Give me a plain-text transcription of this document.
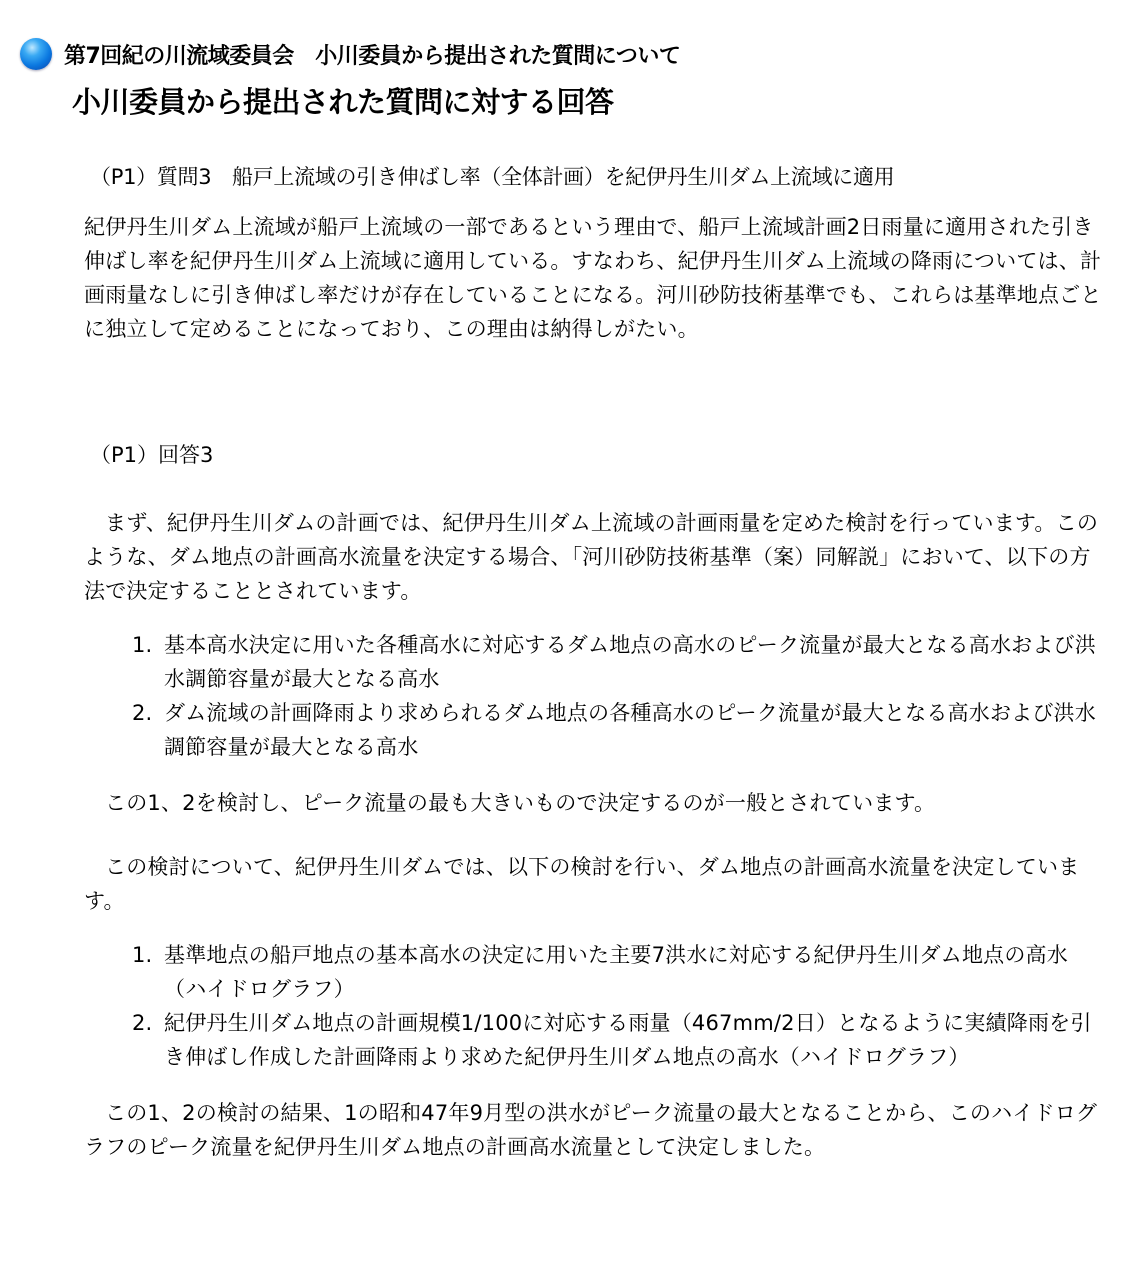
第7回紀の川流域委員会　小川委員から提出された質問について
小川委員から提出された質問に対する回答

（P1）質問3　船戸上流域の引き伸ばし率（全体計画）を紀伊丹生川ダム上流域に適用

紀伊丹生川ダム上流域が船戸上流域の一部であるという理由で、船戸上流域計画2日雨量に適用された引き伸ばし率を紀伊丹生川ダム上流域に適用している。すなわち、紀伊丹生川ダム上流域の降雨については、計画雨量なしに引き伸ばし率だけが存在していることになる。河川砂防技術基準でも、これらは基準地点ごとに独立して定めることになっており、この理由は納得しがたい。

（P1）回答3

まず、紀伊丹生川ダムの計画では、紀伊丹生川ダム上流域の計画雨量を定めた検討を行っています。このような、ダム地点の計画高水流量を決定する場合、「河川砂防技術基準（案）同解説」において、以下の方法で決定することとされています。

1. 基本高水決定に用いた各種高水に対応するダム地点の高水のピーク流量が最大となる高水および洪水調節容量が最大となる高水
2. ダム流域の計画降雨より求められるダム地点の各種高水のピーク流量が最大となる高水および洪水調節容量が最大となる高水

この1、2を検討し、ピーク流量の最も大きいもので決定するのが一般とされています。

この検討について、紀伊丹生川ダムでは、以下の検討を行い、ダム地点の計画高水流量を決定しています。

1. 基準地点の船戸地点の基本高水の決定に用いた主要7洪水に対応する紀伊丹生川ダム地点の高水（ハイドログラフ）
2. 紀伊丹生川ダム地点の計画規模1/100に対応する雨量（467mm/2日）となるように実績降雨を引き伸ばし作成した計画降雨より求めた紀伊丹生川ダム地点の高水（ハイドログラフ）

この1、2の検討の結果、1の昭和47年9月型の洪水がピーク流量の最大となることから、このハイドログラフのピーク流量を紀伊丹生川ダム地点の計画高水流量として決定しました。
